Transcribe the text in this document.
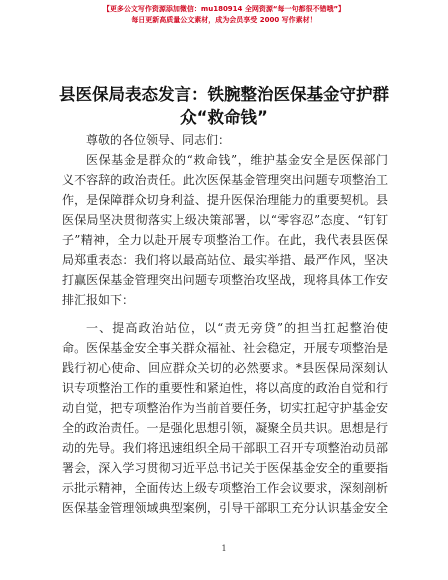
【更多公文写作资源添加微信：mu180914 全网资源“每一句都很不错哦”】
每日更新高质量公文素材，成为会员享受 2000 写作素材！
县医保局表态发言：铁腕整治医保基金守护群
众“救命钱”
尊敬的各位领导、同志们：
医保基金是群众的“救命钱”，维护基金安全是医保部门
义不容辞的政治责任。此次医保基金管理突出问题专项整治工
作，是保障群众切身利益、提升医保治理能力的重要契机。县
医保局坚决贯彻落实上级决策部署，以“零容忍”态度、“钉钉
子”精神，全力以赴开展专项整治工作。在此，我代表县医保
局郑重表态：我们将以最高站位、最实举措、最严作风，坚决
打赢医保基金管理突出问题专项整治攻坚战，现将具体工作安
排汇报如下：
一、提高政治站位，以“责无旁贷”的担当扛起整治使
命。医保基金安全事关群众福祉、社会稳定，开展专项整治是
践行初心使命、回应群众关切的必然要求。*县医保局深刻认
识专项整治工作的重要性和紧迫性，将以高度的政治自觉和行
动自觉，把专项整治作为当前首要任务，切实扛起守护基金安
全的政治责任。一是强化思想引领，凝聚全员共识。思想是行
动的先导。我们将迅速组织全局干部职工召开专项整治动员部
署会，深入学习贯彻习近平总书记关于医保基金安全的重要指
示批示精神，全面传达上级专项整治工作会议要求，深刻剖析
医保基金管理领域典型案例，引导干部职工充分认识基金安全
1
